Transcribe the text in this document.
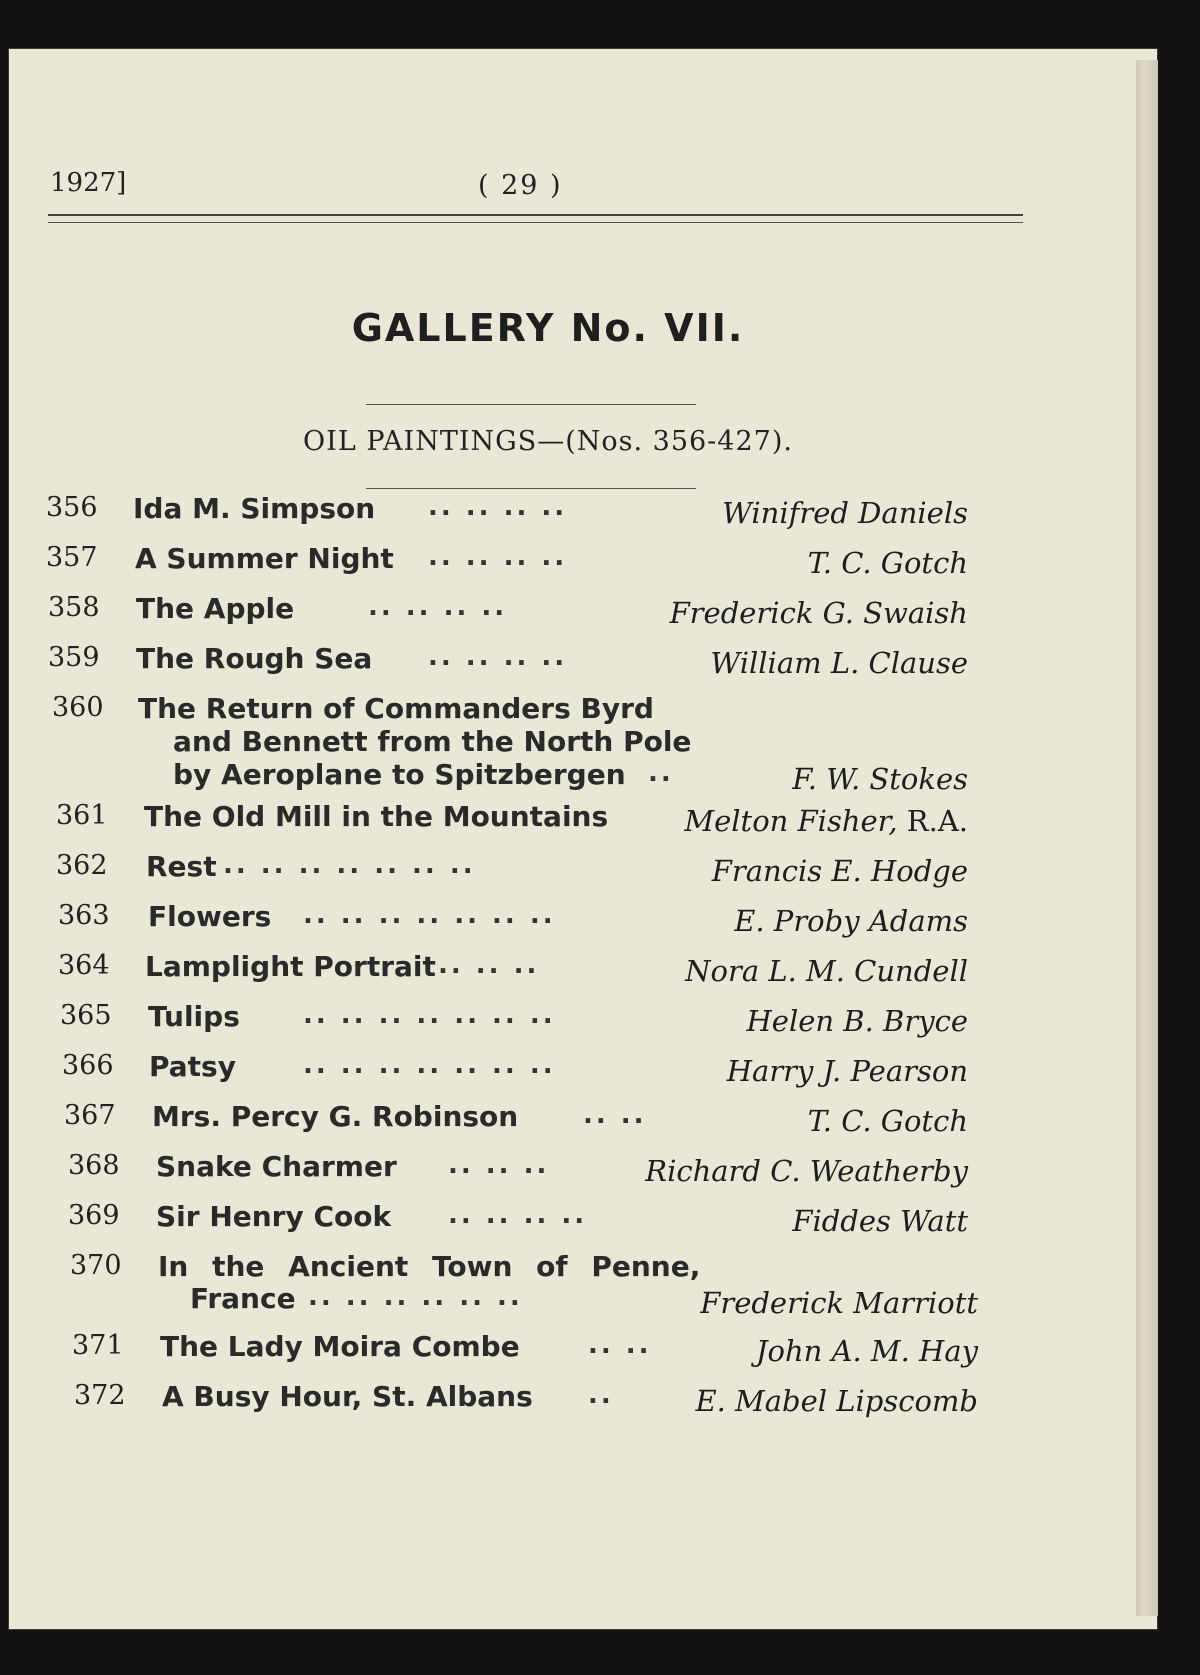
1927]	( 29 )
GALLERY No. VII.
OIL PAINTINGS—(Nos. 356-427).
356 Ida M. Simpson .. .. .. ..	Winifred Daniels
357 A Summer Night .. .. .. ..	T. C. Gotch
358 The Apple	.. .. .. ..	Frederick G. Swaish
359 The Rough Sea .. .. .. ..	William L. Clause
360 The Return of Commanders Byrd
and Bennett from the North Pole
by Aeroplane to Spitzbergen ..	F. W. Stokes
361 The Old Mill in the Mountains	Melton Fisher, R.A.
362 Rest .. .. .. .. .. .. ..	Francis E. Hodge
363 Flowers .. .. .. .. .. .. ..	E. Proby Adams
364 Lamplight Portrait .. .. ..	Nora L. M. Cundell
365 Tulips .. .. .. .. .. .. ..	Helen B. Bryce
366 Patsy	.. .. .. .. .. .. ..	Harry J. Pearson
367 Mrs. Percy G. Robinson .. ..	T. C. Gotch
368 Snake Charmer .. .. ..	Richard C. Weatherby
369 Sir Henry Cook .. .. .. ..	Fiddes Watt
370 In the Ancient Town of Penne,
France .. .. .. .. .. ..	Frederick Marriott
371 The Lady Moira Combe	.. ..	John A. M. Hay
372 A Busy Hour, St. Albans ..	E. Mabel Lipscomb
